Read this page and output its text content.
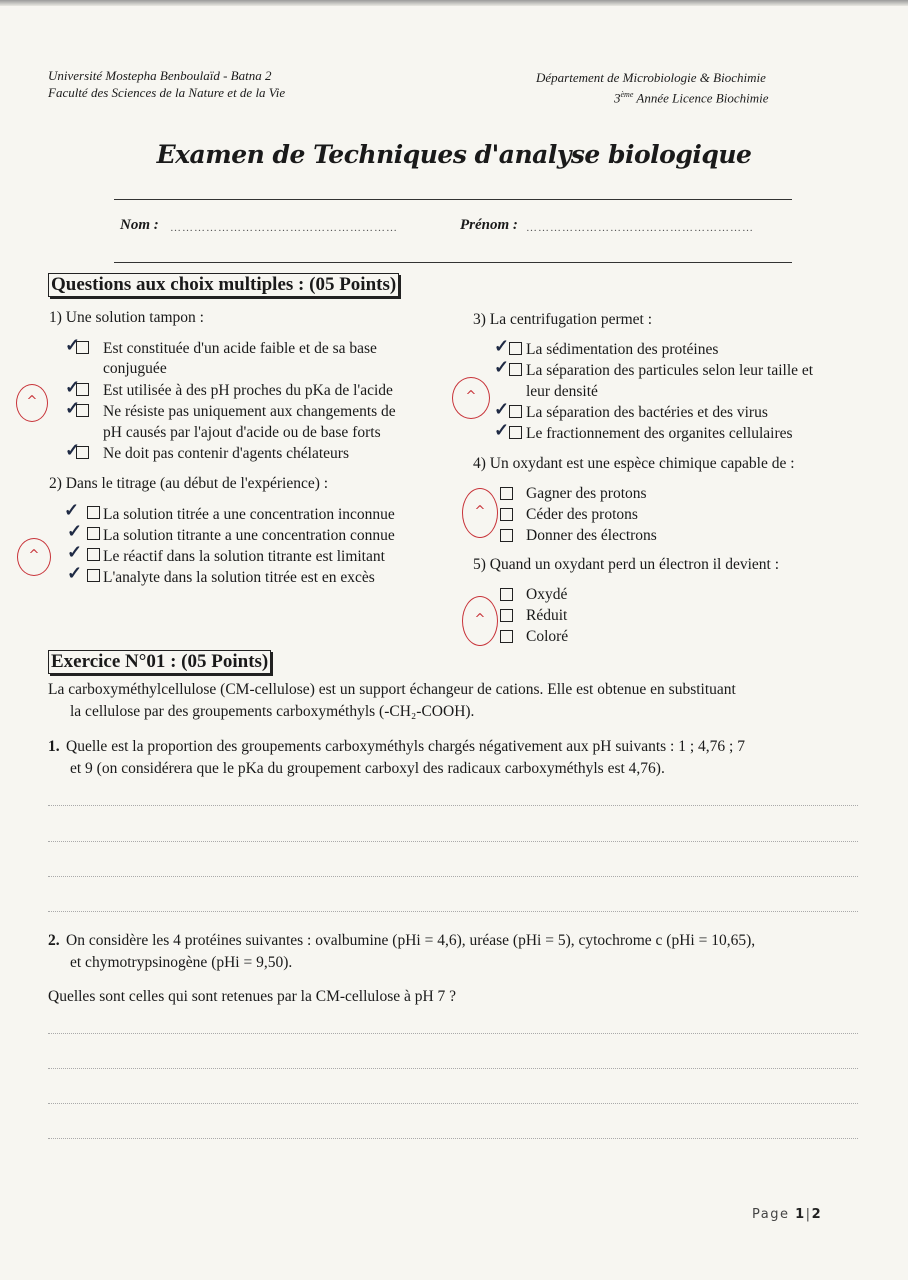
Université Mostepha Benboulaïd - Batna 2
Faculté des Sciences de la Nature et de la Vie
Département de Microbiologie & Biochimie
3ème Année Licence Biochimie
Examen de Techniques d'analyse biologique
Nom : …………………………………………………	Prénom : …………………………………………………
Questions aux choix multiples : (05 Points)
1) Une solution tampon :
✓ Est constituée d'un acide faible et de sa base
conjuguée
✓ Est utilisée à des pH proches du pKa de l'acide
✓ Ne résiste pas uniquement aux changements de
pH causés par l'ajout d'acide ou de base forts
✓ Ne doit pas contenir d'agents chélateurs
^
2) Dans le titrage (au début de l'expérience) :
✓ La solution titrée a une concentration inconnue
✓ La solution titrante a une concentration connue
✓ Le réactif dans la solution titrante est limitant
✓ L'analyte dans la solution titrée est en excès
^
3) La centrifugation permet :
✓ La sédimentation des protéines
✓ La séparation des particules selon leur taille et
leur densité
✓ La séparation des bactéries et des virus
✓ Le fractionnement des organites cellulaires
^
4) Un oxydant est une espèce chimique capable de :
Gagner des protons
Céder des protons
Donner des électrons
^
5) Quand un oxydant perd un électron il devient :
Oxydé
Réduit
Coloré
^
Exercice N°01 : (05 Points)
La carboxyméthylcellulose (CM-cellulose) est un support échangeur de cations. Elle est obtenue en substituant
la cellulose par des groupements carboxyméthyls (-CH₂-COOH).
1. Quelle est la proportion des groupements carboxyméthyls chargés négativement aux pH suivants : 1 ; 4,76 ; 7
et 9 (on considérera que le pKa du groupement carboxyl des radicaux carboxyméthyls est 4,76).
2. On considère les 4 protéines suivantes : ovalbumine (pHi = 4,6), uréase (pHi = 5), cytochrome c (pHi = 10,65),
et chymotrypsinogène (pHi = 9,50).
Quelles sont celles qui sont retenues par la CM-cellulose à pH 7 ?
Page 1|2
